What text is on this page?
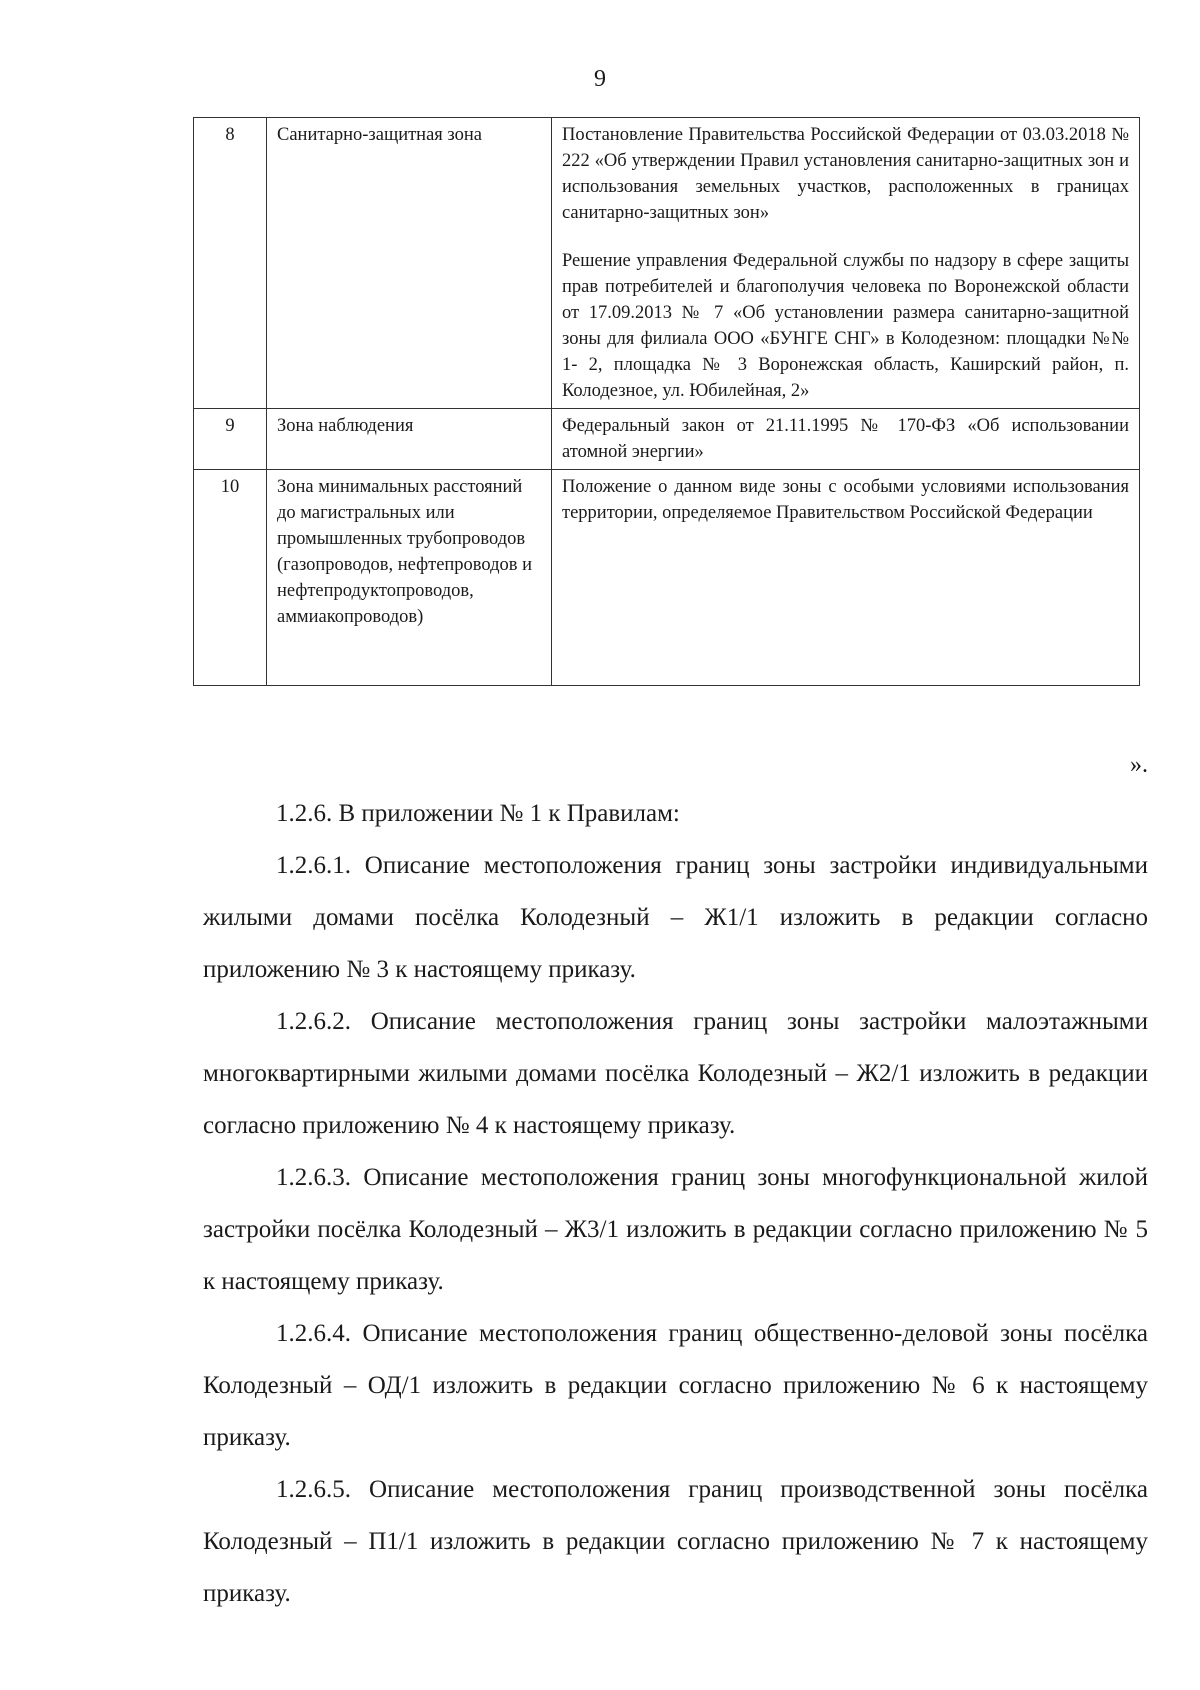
9
8	Санитарно-защитная зона	Постановление Правительства Российской Федерации от 03.03.2018 № 222 «Об утверждении Правил установления санитарно-защитных зон и использования земельных участков, расположенных в границах санитарно-защитных зон»

Решение управления Федеральной службы по надзору в сфере защиты прав потребителей и благополучия человека по Воронежской области от 17.09.2013 № 7 «Об установлении размера санитарно-защитной зоны для филиала ООО «БУНГЕ СНГ» в Колодезном: площадки №№ 1- 2, площадка № 3 Воронежская область, Каширский район, п. Колодезное, ул. Юбилейная, 2»

9	Зона наблюдения	Федеральный закон от 21.11.1995 № 170-ФЗ «Об использовании атомной энергии»

10	Зона минимальных расстояний до магистральных или промышленных трубопроводов (газопроводов, нефтепроводов и нефтепродуктопроводов, аммиакопроводов)	Положение о данном виде зоны с особыми условиями использования территории, определяемое Правительством Российской Федерации

».

1.2.6. В приложении № 1 к Правилам:

1.2.6.1. Описание местоположения границ зоны застройки индивидуальными жилыми домами посёлка Колодезный – Ж1/1 изложить в редакции согласно приложению № 3 к настоящему приказу.

1.2.6.2. Описание местоположения границ зоны застройки малоэтажными многоквартирными жилыми домами посёлка Колодезный – Ж2/1 изложить в редакции согласно приложению № 4 к настоящему приказу.

1.2.6.3. Описание местоположения границ зоны многофункциональной жилой застройки посёлка Колодезный – Ж3/1 изложить в редакции согласно приложению № 5 к настоящему приказу.

1.2.6.4. Описание местоположения границ общественно-деловой зоны посёлка Колодезный – ОД/1 изложить в редакции согласно приложению № 6 к настоящему приказу.

1.2.6.5. Описание местоположения границ производственной зоны посёлка Колодезный – П1/1 изложить в редакции согласно приложению № 7 к настоящему приказу.
